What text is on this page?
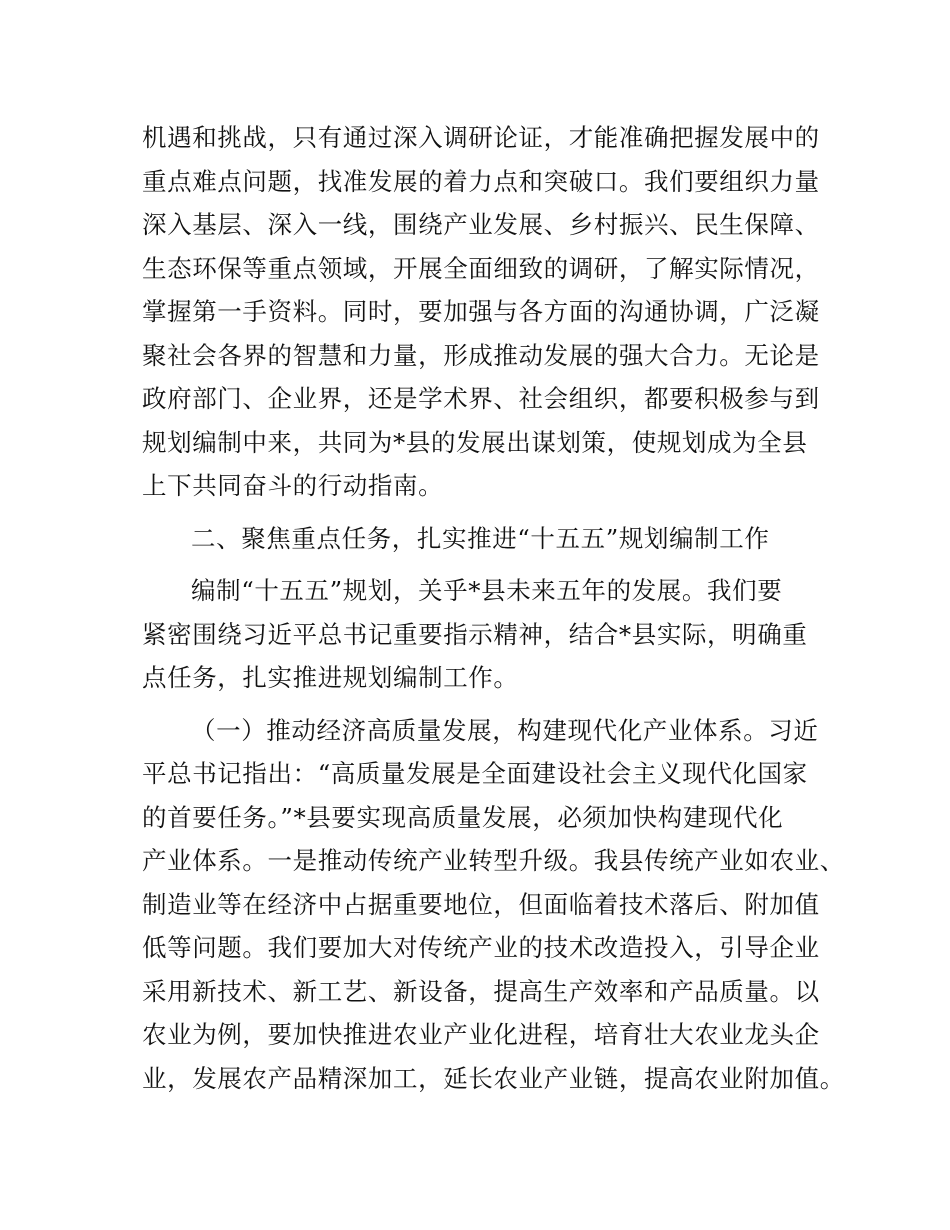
机遇和挑战，只有通过深入调研论证，才能准确把握发展中的
重点难点问题，找准发展的着力点和突破口。我们要组织力量
深入基层、深入一线，围绕产业发展、乡村振兴、民生保障、
生态环保等重点领域，开展全面细致的调研，了解实际情况，
掌握第一手资料。同时，要加强与各方面的沟通协调，广泛凝
聚社会各界的智慧和力量，形成推动发展的强大合力。无论是
政府部门、企业界，还是学术界、社会组织，都要积极参与到
规划编制中来，共同为*县的发展出谋划策，使规划成为全县
上下共同奋斗的行动指南。
二、聚焦重点任务，扎实推进“十五五”规划编制工作
编制“十五五”规划，关乎*县未来五年的发展。我们要
紧密围绕习近平总书记重要指示精神，结合*县实际，明确重
点任务，扎实推进规划编制工作。
（一）推动经济高质量发展，构建现代化产业体系。习近
平总书记指出：“高质量发展是全面建设社会主义现代化国家
的首要任务。”*县要实现高质量发展，必须加快构建现代化
产业体系。一是推动传统产业转型升级。我县传统产业如农业、
制造业等在经济中占据重要地位，但面临着技术落后、附加值
低等问题。我们要加大对传统产业的技术改造投入，引导企业
采用新技术、新工艺、新设备，提高生产效率和产品质量。以
农业为例，要加快推进农业产业化进程，培育壮大农业龙头企
业，发展农产品精深加工，延长农业产业链，提高农业附加值。
